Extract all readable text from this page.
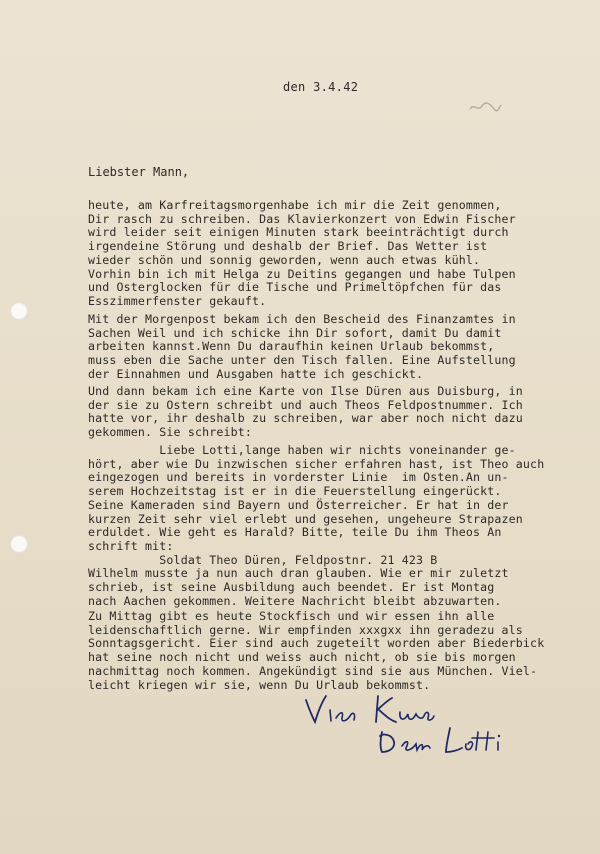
den 3.4.42
Liebster Mann,
heute, am Karfreitagsmorgenhabe ich mir die Zeit genommen,
Dir rasch zu schreiben. Das Klavierkonzert von Edwin Fischer
wird leider seit einigen Minuten stark beeinträchtigt durch
irgendeine Störung und deshalb der Brief. Das Wetter ist
wieder schön und sonnig geworden, wenn auch etwas kühl.
Vorhin bin ich mit Helga zu Deitins gegangen und habe Tulpen
und Osterglocken für die Tische und Primeltöpfchen für das
Esszimmerfenster gekauft.
Mit der Morgenpost bekam ich den Bescheid des Finanzamtes in
Sachen Weil und ich schicke ihn Dir sofort, damit Du damit
arbeiten kannst.Wenn Du daraufhin keinen Urlaub bekommst,
muss eben die Sache unter den Tisch fallen. Eine Aufstellung
der Einnahmen und Ausgaben hatte ich geschickt.
Und dann bekam ich eine Karte von Ilse Düren aus Duisburg, in
der sie zu Ostern schreibt und auch Theos Feldpostnummer. Ich
hatte vor, ihr deshalb zu schreiben, war aber noch nicht dazu
gekommen. Sie schreibt:
Liebe Lotti,lange haben wir nichts voneinander ge-
hört, aber wie Du inzwischen sicher erfahren hast, ist Theo auch
eingezogen und bereits in vorderster Linie  im Osten.An un-
serem Hochzeitstag ist er in die Feuerstellung eingerückt.
Seine Kameraden sind Bayern und Österreicher. Er hat in der
kurzen Zeit sehr viel erlebt und gesehen, ungeheure Strapazen
erduldet. Wie geht es Harald? Bitte, teile Du ihm Theos An
schrift mit:
Soldat Theo Düren, Feldpostnr. 21 423 B
Wilhelm musste ja nun auch dran glauben. Wie er mir zuletzt
schrieb, ist seine Ausbildung auch beendet. Er ist Montag
nach Aachen gekommen. Weitere Nachricht bleibt abzuwarten.
Zu Mittag gibt es heute Stockfisch und wir essen ihn alle
leidenschaftlich gerne. Wir empfinden xxxgxx ihn geradezu als
Sonntagsgericht. Eier sind auch zugeteilt worden aber Biederbick
hat seine noch nicht und weiss auch nicht, ob sie bis morgen
nachmittag noch kommen. Angekündigt sind sie aus München. Viel-
leicht kriegen wir sie, wenn Du Urlaub bekommst.
